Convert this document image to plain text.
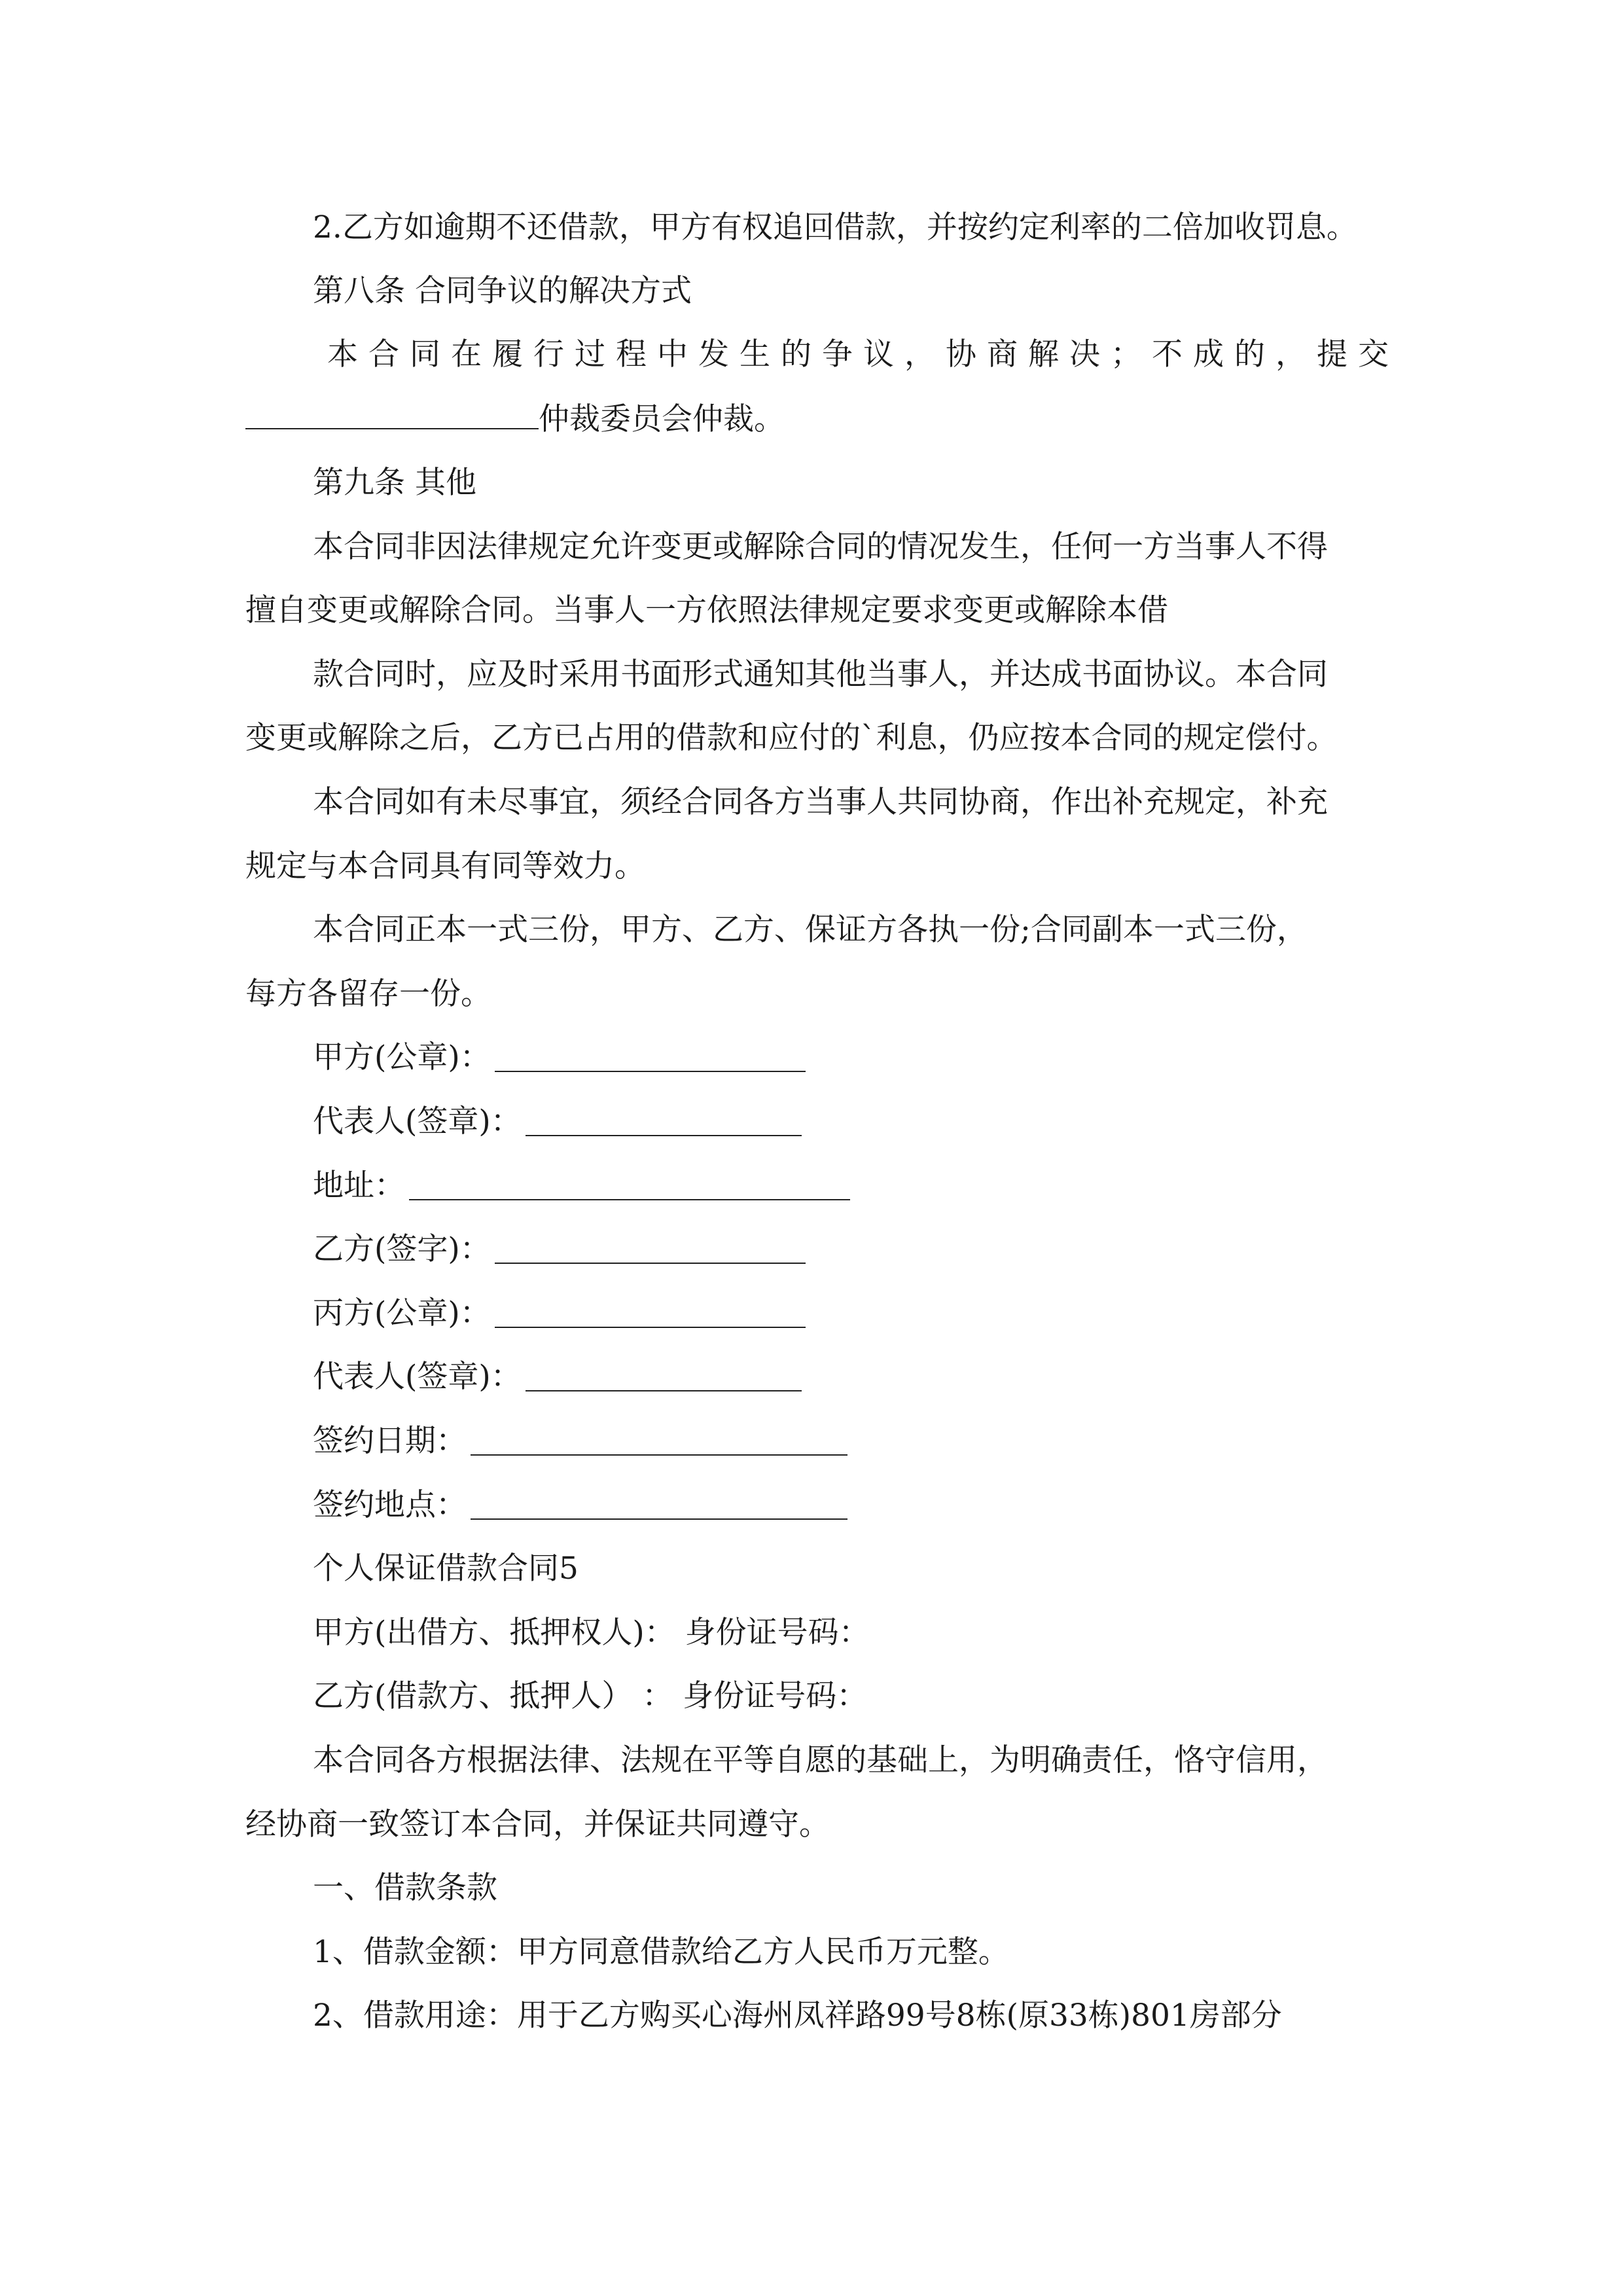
2.乙方如逾期不还借款，甲方有权追回借款，并按约定利率的二倍加收罚息。
第八条 合同争议的解决方式
本合同在履行过程中发生的争议，协商解决；不成的，提交
仲裁委员会仲裁。
第九条 其他
本合同非因法律规定允许变更或解除合同的情况发生，任何一方当事人不得
擅自变更或解除合同。当事人一方依照法律规定要求变更或解除本借
款合同时，应及时采用书面形式通知其他当事人，并达成书面协议。本合同
变更或解除之后，乙方已占用的借款和应付的`利息，仍应按本合同的规定偿付。
本合同如有未尽事宜，须经合同各方当事人共同协商，作出补充规定，补充
规定与本合同具有同等效力。
本合同正本一式三份，甲方、乙方、保证方各执一份;合同副本一式三份，
每方各留存一份。
甲方(公章)：
代表人(签章)：
地址：
乙方(签字)：
丙方(公章)：
代表人(签章)：
签约日期：
签约地点：
个人保证借款合同5
甲方(出借方、抵押权人)： 身份证号码：
乙方(借款方、抵押人） ： 身份证号码：
本合同各方根据法律、法规在平等自愿的基础上，为明确责任，恪守信用，
经协商一致签订本合同，并保证共同遵守。
一、借款条款
1、借款金额：甲方同意借款给乙方人民币万元整。
2、借款用途：用于乙方购买心海州凤祥路99号8栋(原33栋)801房部分
